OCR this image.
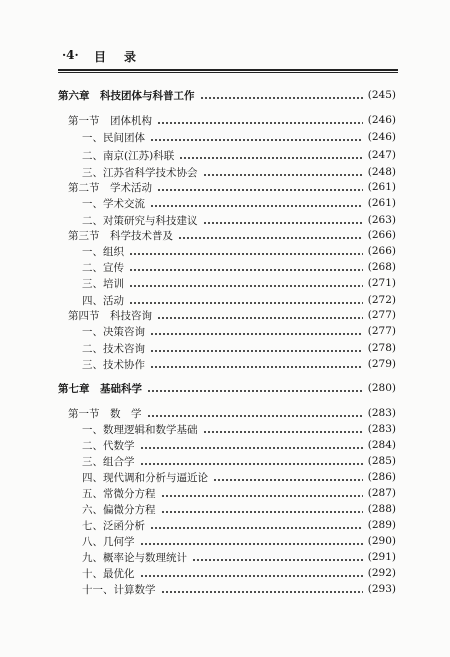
·4· 目 录
第六章　科技团体与科普工作	(245)
第一节　团体机构	(246)
一、民间团体	(246)
二、南京(江苏)科联	(247)
三、江苏省科学技术协会	(248)
第二节　学术活动	(261)
一、学术交流	(261)
二、对策研究与科技建议	(263)
第三节　科学技术普及	(266)
一、组织	(266)
二、宣传	(268)
三、培训	(271)
四、活动	(272)
第四节　科技咨询	(277)
一、决策咨询	(277)
二、技术咨询	(278)
三、技术协作	(279)
第七章　基础科学	(280)
第一节　数　学	(283)
一、数理逻辑和数学基础	(283)
二、代数学	(284)
三、组合学	(285)
四、现代调和分析与逼近论	(286)
五、常微分方程	(287)
六、偏微分方程	(288)
七、泛函分析	(289)
八、几何学	(290)
九、概率论与数理统计	(291)
十、最优化	(292)
十一、计算数学	(293)
